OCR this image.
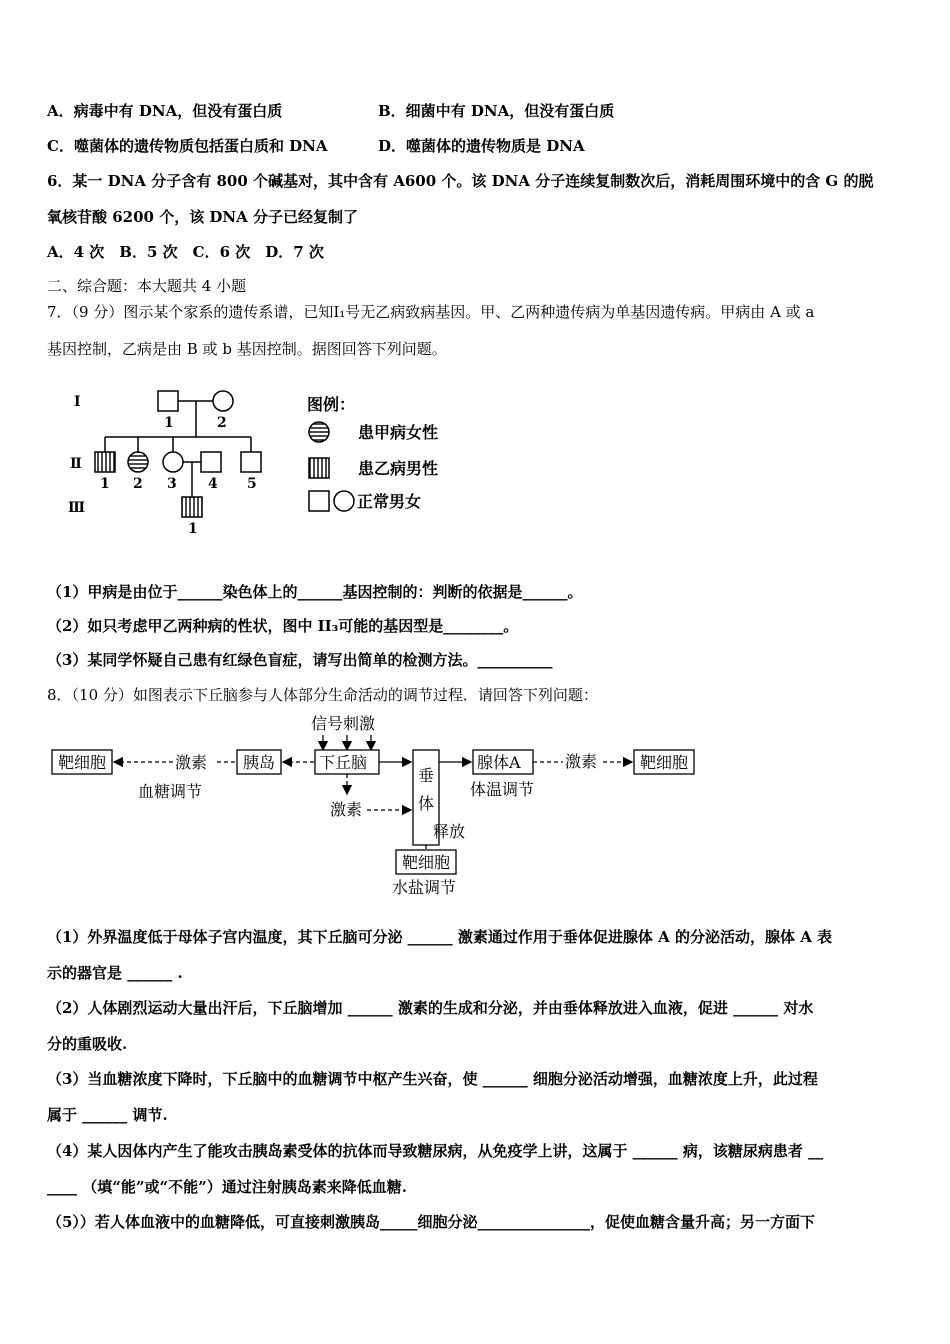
A．病毒中有 DNA，但没有蛋白质	B．细菌中有 DNA，但没有蛋白质
C．噬菌体的遗传物质包括蛋白质和 DNA	D．噬菌体的遗传物质是 DNA
6．某一 DNA 分子含有 800 个碱基对，其中含有 A600 个。该 DNA 分子连续复制数次后，消耗周围环境中的含 G 的脱
氧核苷酸 6200 个，该 DNA 分子已经复制了
A．4 次　B．5 次　C．6 次　D．7 次
二、综合题：本大题共 4 小题
7．（9 分）图示某个家系的遗传系谱，已知Ⅰ₁号无乙病致病基因。甲、乙两种遗传病为单基因遗传病。甲病由 A 或 a
基因控制，乙病是由 B 或 b 基因控制。据图回答下列问题。
Ⅰ
Ⅱ
Ⅲ
1	2
1 2 3 4 5
1
图例：
患甲病女性
患乙病男性
正常男女
（1）甲病是由位于______染色体上的______基因控制的：判断的依据是______。
（2）如只考虑甲乙两种病的性状，图中 II₃可能的基因型是________。
（3）某同学怀疑自己患有红绿色盲症，请写出简单的检测方法。__________
8．（10 分）如图表示下丘脑参与人体部分生命活动的调节过程．请回答下列问题：
信号刺激
靶细胞	激素 胰岛	下丘脑
垂
体
腺体A	激素	靶细胞
血糖调节	体温调节
激素
释放
靶细胞
水盐调节
（1）外界温度低于母体子宫内温度，其下丘脑可分泌 ______ 激素通过作用于垂体促进腺体 A 的分泌活动，腺体 A 表
示的器官是 ______ .
（2）人体剧烈运动大量出汗后，下丘脑增加 ______ 激素的生成和分泌，并由垂体释放进入血液，促进 ______ 对水
分的重吸收.
（3）当血糖浓度下降时，下丘脑中的血糖调节中枢产生兴奋，使 ______ 细胞分泌活动增强，血糖浓度上升，此过程
属于 ______ 调节.
（4）某人因体内产生了能攻击胰岛素受体的抗体而导致糖尿病，从免疫学上讲，这属于 ______ 病，该糖尿病患者 __
____ （填“能”或“不能”）通过注射胰岛素来降低血糖.
（5））若人体血液中的血糖降低，可直接刺激胰岛_____细胞分泌_______________，促使血糖含量升高；另一方面下
